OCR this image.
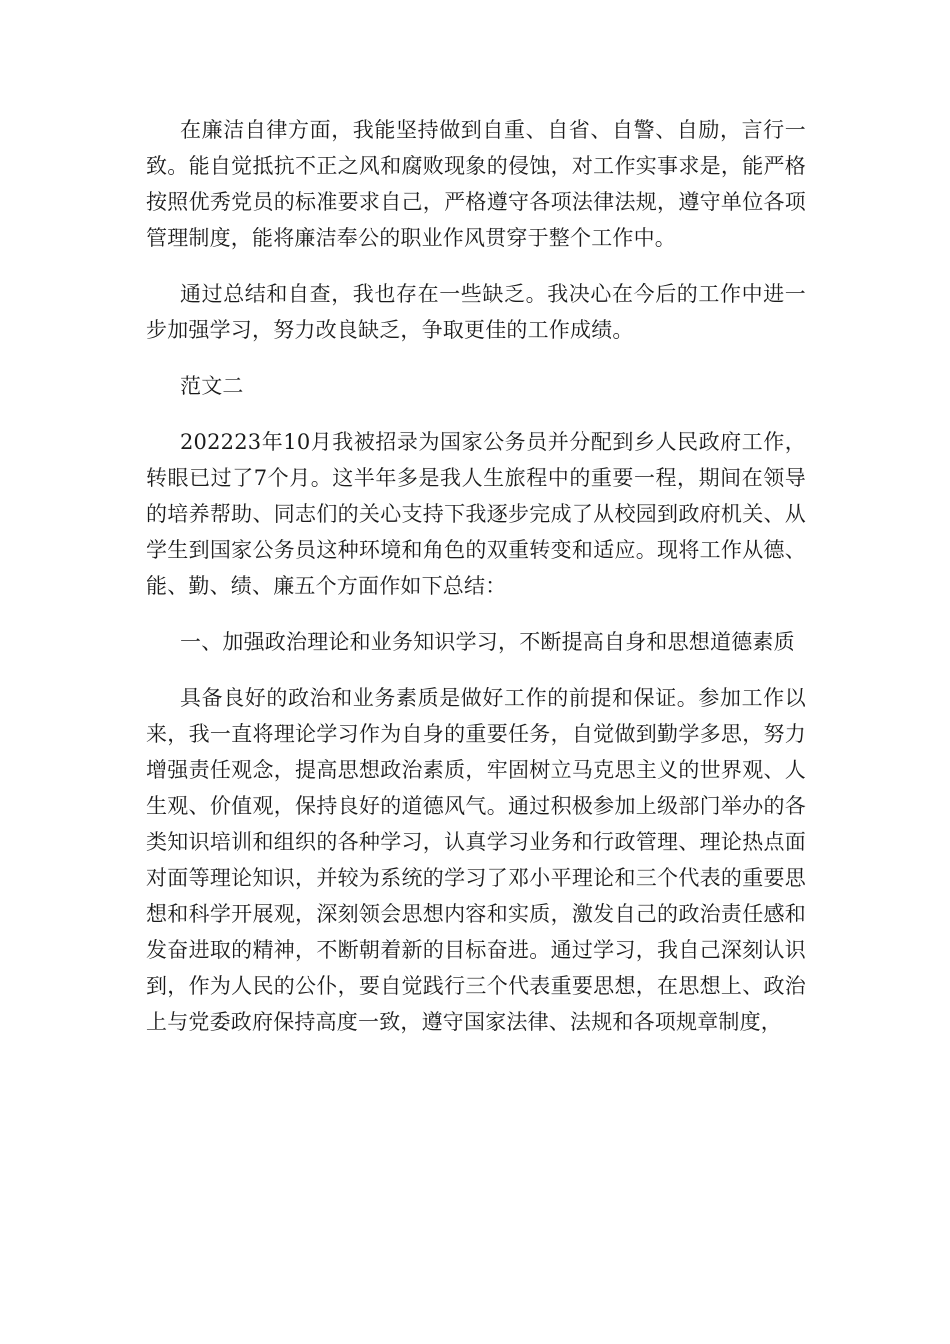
在廉洁自律方面，我能坚持做到自重、自省、自警、自励，言行一致。能自觉抵抗不正之风和腐败现象的侵蚀，对工作实事求是，能严格按照优秀党员的标准要求自己，严格遵守各项法律法规，遵守单位各项管理制度，能将廉洁奉公的职业作风贯穿于整个工作中。

通过总结和自查，我也存在一些缺乏。我决心在今后的工作中进一步加强学习，努力改良缺乏，争取更佳的工作成绩。

范文二

202223年10月我被招录为国家公务员并分配到乡人民政府工作，转眼已过了7个月。这半年多是我人生旅程中的重要一程，期间在领导的培养帮助、同志们的关心支持下我逐步完成了从校园到政府机关、从学生到国家公务员这种环境和角色的双重转变和适应。现将工作从德、能、勤、绩、廉五个方面作如下总结：

一、加强政治理论和业务知识学习，不断提高自身和思想道德素质

具备良好的政治和业务素质是做好工作的前提和保证。参加工作以来，我一直将理论学习作为自身的重要任务，自觉做到勤学多思，努力增强责任观念，提高思想政治素质，牢固树立马克思主义的世界观、人生观、价值观，保持良好的道德风气。通过积极参加上级部门举办的各类知识培训和组织的各种学习，认真学习业务和行政管理、理论热点面对面等理论知识，并较为系统的学习了邓小平理论和三个代表的重要思想和科学开展观，深刻领会思想内容和实质，激发自己的政治责任感和发奋进取的精神，不断朝着新的目标奋进。通过学习，我自己深刻认识到，作为人民的公仆，要自觉践行三个代表重要思想，在思想上、政治上与党委政府保持高度一致，遵守国家法律、法规和各项规章制度，
